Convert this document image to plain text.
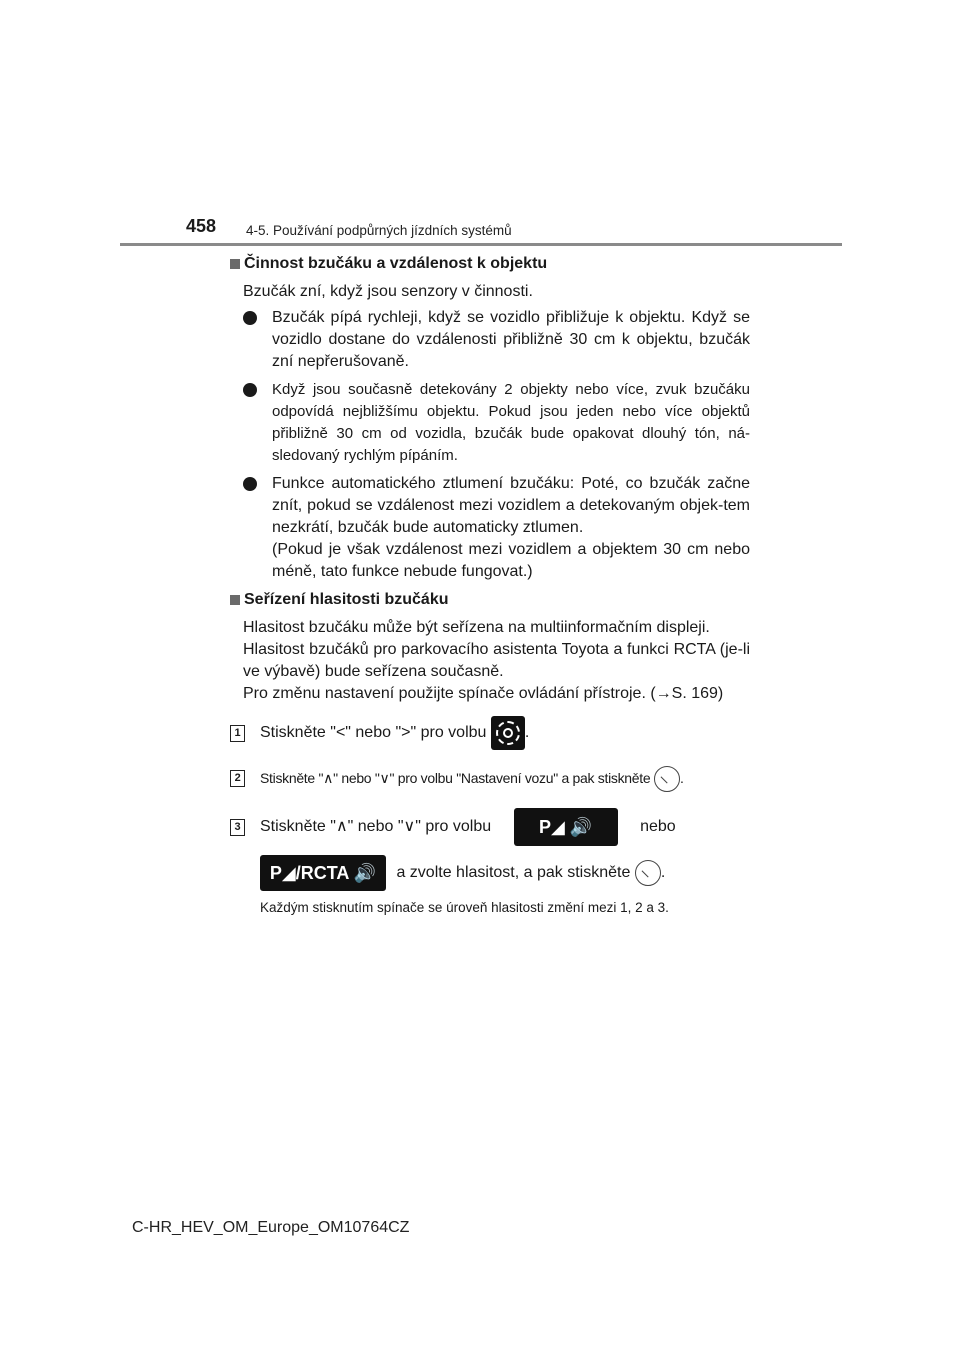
458 4-5. Používání podpůrných jízdních systémů
Činnost bzučáku a vzdálenost k objektu

Bzučák zní, když jsou senzory v činnosti.

Bzučák pípá rychleji, když se vozidlo přibližuje k objektu. Když se vozidlo dostane do vzdálenosti přibližně 30 cm k objektu, bzučák zní nepřerušovaně.

Když jsou současně detekovány 2 objekty nebo více, zvuk bzučáku odpovídá nejbližšímu objektu. Pokud jsou jeden nebo více objektů přibližně 30 cm od vozidla, bzučák bude opakovat dlouhý tón, ná-sledovaný rychlým pípáním.

Funkce automatického ztlumení bzučáku: Poté, co bzučák začne znít, pokud se vzdálenost mezi vozidlem a detekovaným objek-tem nezkrátí, bzučák bude automaticky ztlumen.

(Pokud je však vzdálenost mezi vozidlem a objektem 30 cm nebo méně, tato funkce nebude fungovat.)

Seřízení hlasitosti bzučáku

Hlasitost bzučáku může být seřízena na multiinformačním displeji.

Hlasitost bzučáků pro parkovacího asistenta Toyota a funkci RCTA (je-li ve výbavě) bude seřízena současně.

Pro změnu nastavení použijte spínače ovládání přístroje. (→S. 169)

1 Stiskněte "<" nebo ">" pro volbu .
2	Stiskněte "∧" nebo "∨" pro volbu "Nastavení vozu" a pak stiskněte .
3 Stiskněte "∧" nebo "∨" pro volbu	P◢ 🔊	nebo
P◢/RCTA 🔊 a zvolte hlasitost, a pak stiskněte .

Každým stisknutím spínače se úroveň hlasitosti změní mezi 1, 2 a 3.

C-HR_HEV_OM_Europe_OM10764CZ
